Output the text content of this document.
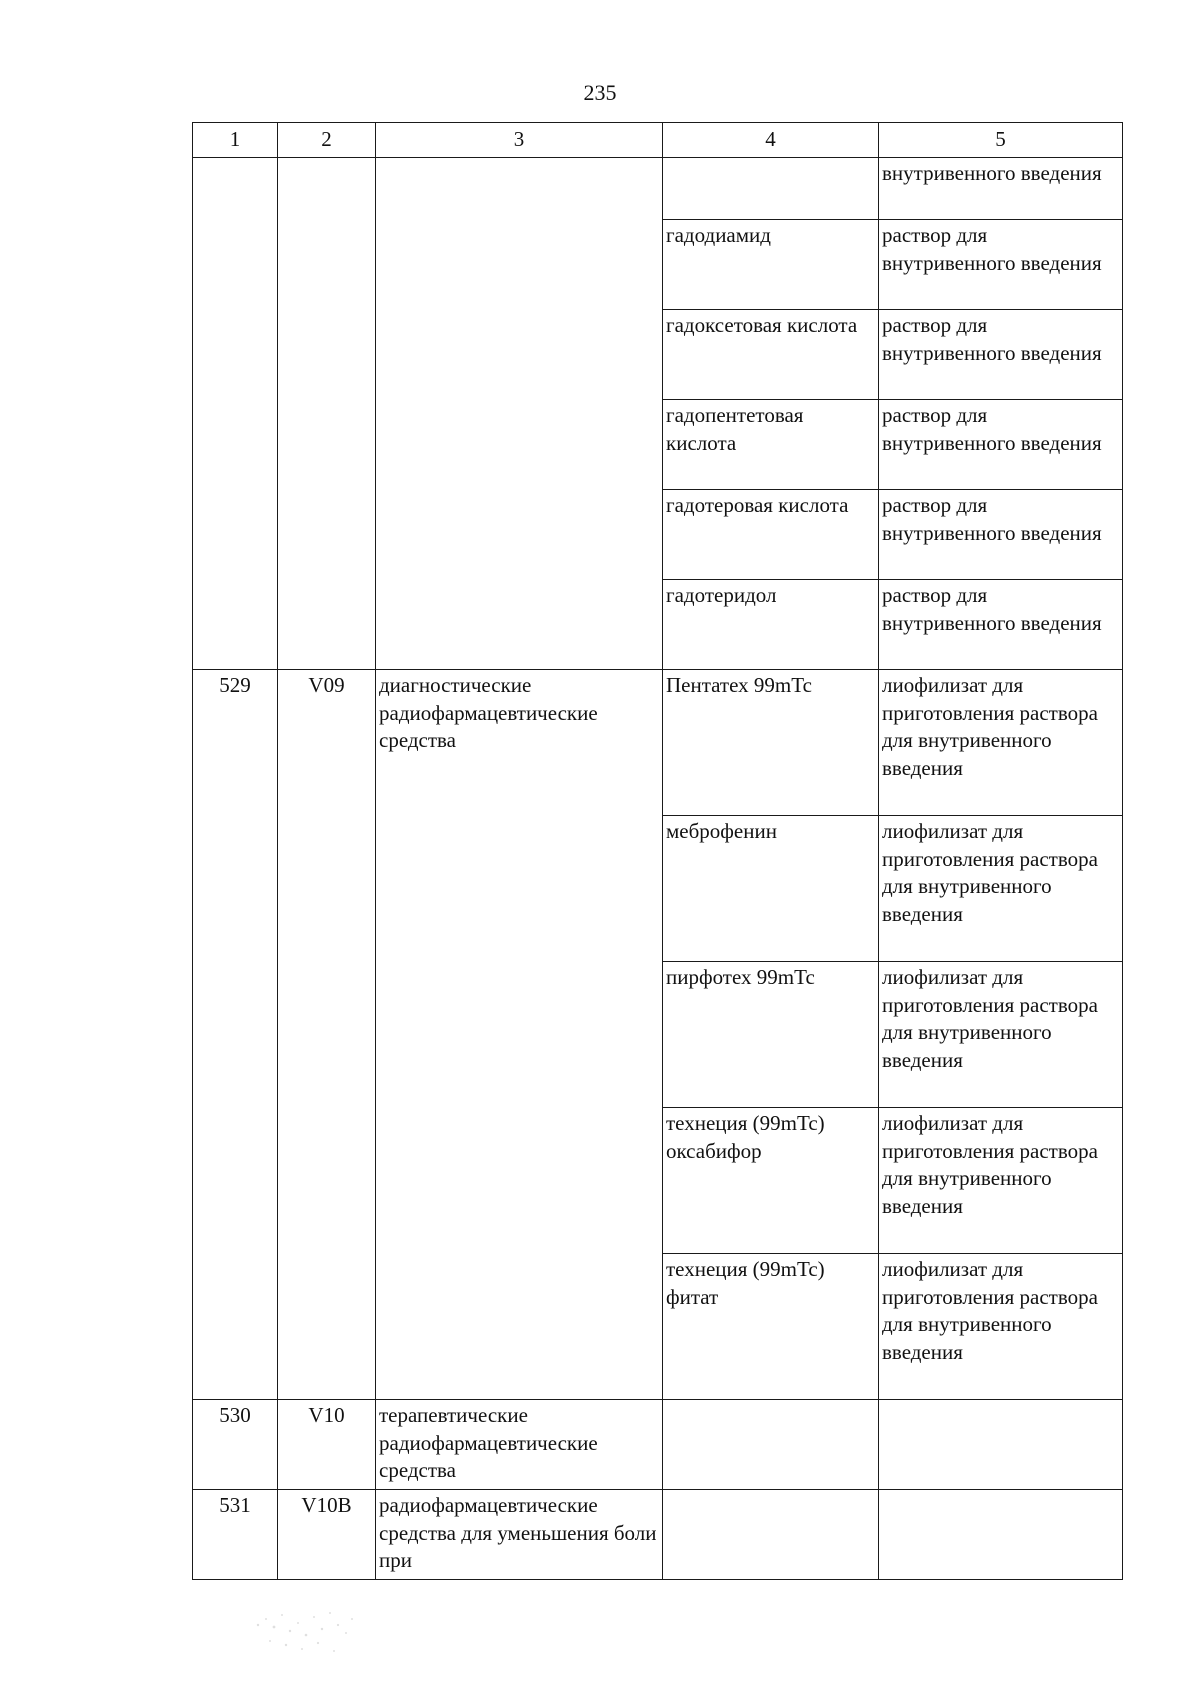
235
1	2	3	4	5
				внутривенного введения
			гадодиамид	раствор для внутривенного введения
			гадоксетовая кислота	раствор для внутривенного введения
			гадопентетовая кислота	раствор для внутривенного введения
			гадотеровая кислота	раствор для внутривенного введения
			гадотеридол	раствор для внутривенного введения
529	V09	диагностические радиофармацевтические средства	Пентатех 99mTc	лиофилизат для приготовления раствора для внутривенного введения
			меброфенин	лиофилизат для приготовления раствора для внутривенного введения
			пирфотех 99mTc	лиофилизат для приготовления раствора для внутривенного введения
			технеция (99mTc) оксабифор	лиофилизат для приготовления раствора для внутривенного введения
			технеция (99mTc) фитат	лиофилизат для приготовления раствора для внутривенного введения
530	V10	терапевтические радиофармацевтические средства		
531	V10B	радиофармацевтические средства для уменьшения боли при		
